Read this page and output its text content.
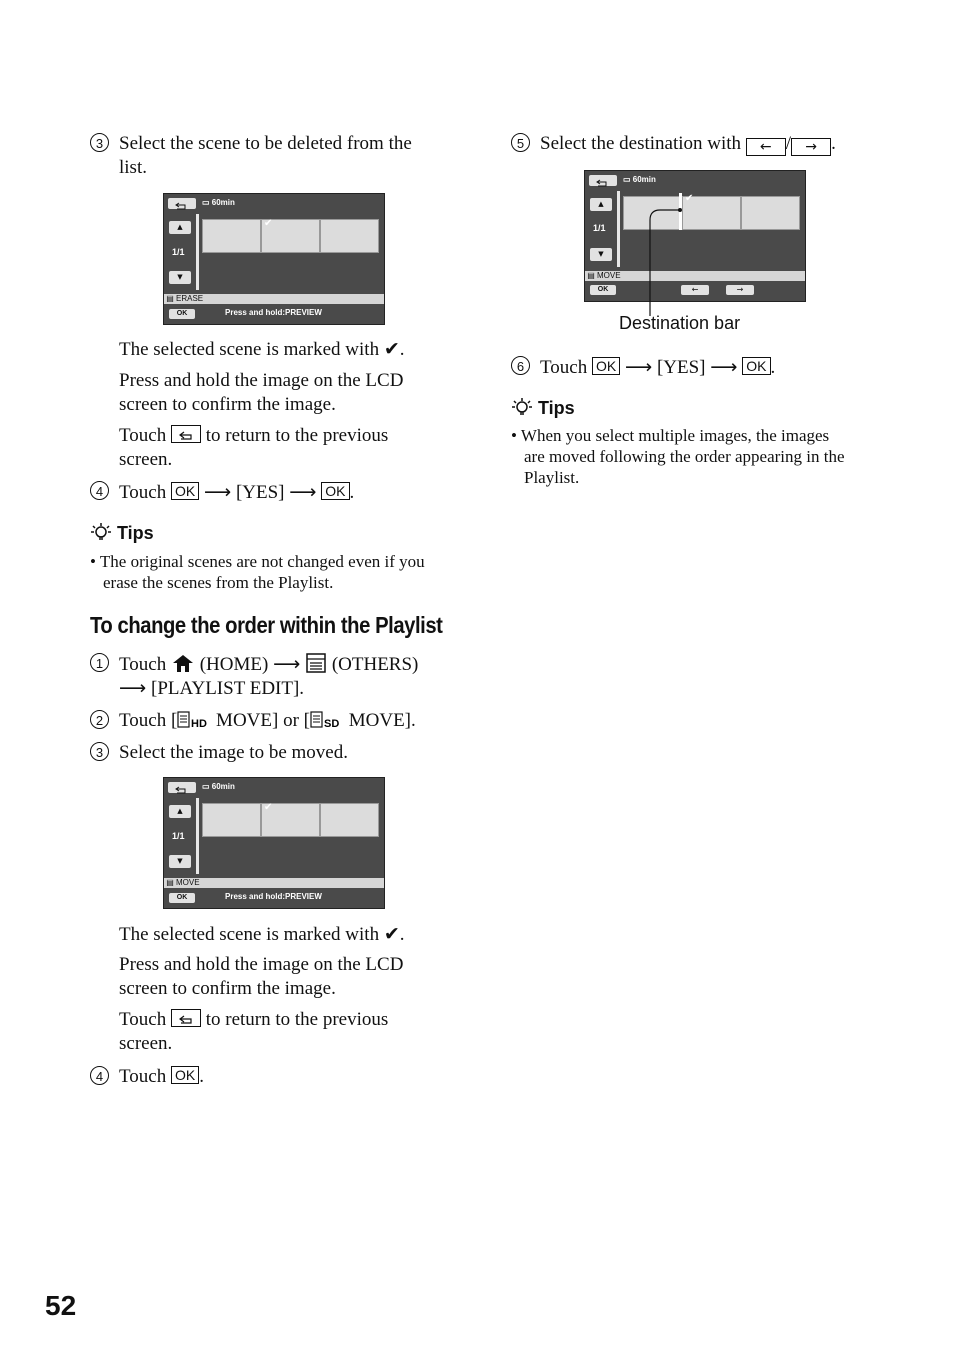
3 Select the scene to be deleted from the
list.
▭ 60min
▲
1/1
▼
✔
▤ ERASE
OK	Press and hold:PREVIEW
The selected scene is marked with ✔.
Press and hold the image on the LCD
screen to confirm the image.
Touch to return to the previous
screen.
4 Touch OK ⟶ [YES] ⟶ OK .
Tips
• The original scenes are not changed even if you
erase the scenes from the Playlist.
To change the order within the Playlist
1 Touch (HOME) ⟶ (OTHERS)
⟶ [PLAYLIST EDIT].
2 Touch [ HD MOVE] or [ SD MOVE].
3 Select the image to be moved.
▭ 60min
▲
1/1
▼
✔
▤ MOVE
OK	Press and hold:PREVIEW
The selected scene is marked with ✔.
Press and hold the image on the LCD
screen to confirm the image.
Touch to return to the previous
screen.
4 Touch OK .
5 Select the destination with ← / → .
▭ 60min
▲
1/1
▼
✔
▤ MOVE
OK	←	→
Destination bar
6 Touch OK ⟶ [YES] ⟶ OK .
Tips
• When you select multiple images, the images
are moved following the order appearing in the
Playlist.
52
